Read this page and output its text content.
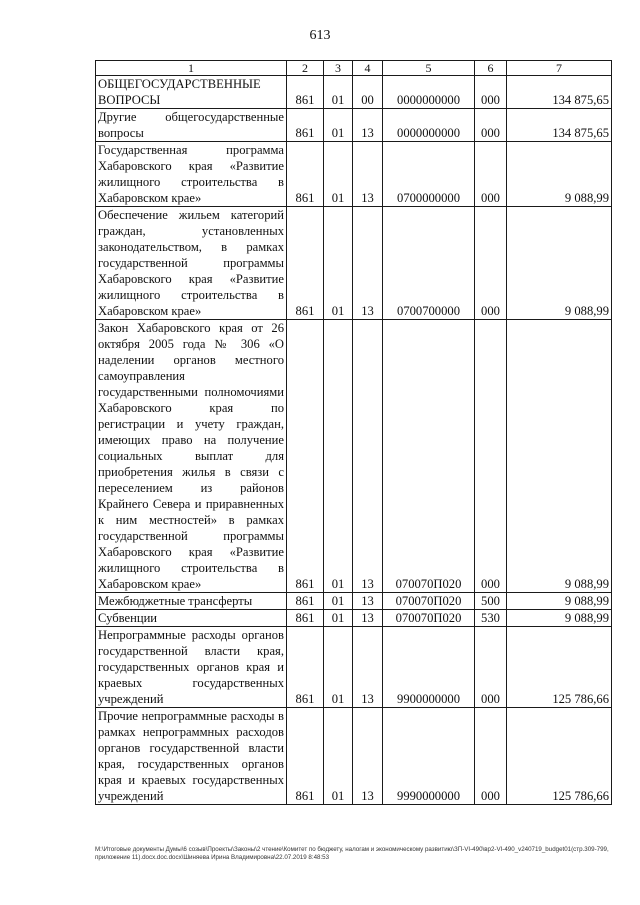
613
1	2	3	4	5	6	7
ОБЩЕГОСУДАРСТВЕННЫЕ ВОПРОСЫ	861	01	00	0000000000	000	134 875,65
Другие общегосударственные вопросы	861	01	13	0000000000	000	134 875,65
Государственная программа Хабаровского края «Развитие жилищного строительства в Хабаровском крае»	861	01	13	0700000000	000	9 088,99
Обеспечение жильем категорий граждан, установленных законодательством, в рамках государственной программы Хабаровского края «Развитие жилищного строительства в Хабаровском крае»	861	01	13	0700700000	000	9 088,99
Закон Хабаровского края от 26 октября 2005 года № 306 «О наделении органов местного самоуправления государственными полномочиями Хабаровского края по регистрации и учету граждан, имеющих право на получение социальных выплат для приобретения жилья в связи с переселением из районов Крайнего Севера и приравненных к ним местностей» в рамках государственной программы Хабаровского края «Развитие жилищного строительства в Хабаровском крае»	861	01	13	070070П020	000	9 088,99
Межбюджетные трансферты	861	01	13	070070П020	500	9 088,99
Субвенции	861	01	13	070070П020	530	9 088,99
Непрограммные расходы органов государственной власти края, государственных органов края и краевых государственных учреждений	861	01	13	9900000000	000	125 786,66
Прочие непрограммные расходы в рамках непрограммных расходов органов государственной власти края, государственных органов края и краевых государственных учреждений	861	01	13	9990000000	000	125 786,66
M:\Итоговые документы Думы\6 созыв\Проекты\Законы\2 чтение\Комитет по бюджету, налогам и экономическому развитию\ЗП-VI-490\вр2-VI-490_v240719_budget01(стр.309-799, приложение 11).docx.doc.docx\Шиняева Ирина Владимировна\22.07.2019 8:48:53
